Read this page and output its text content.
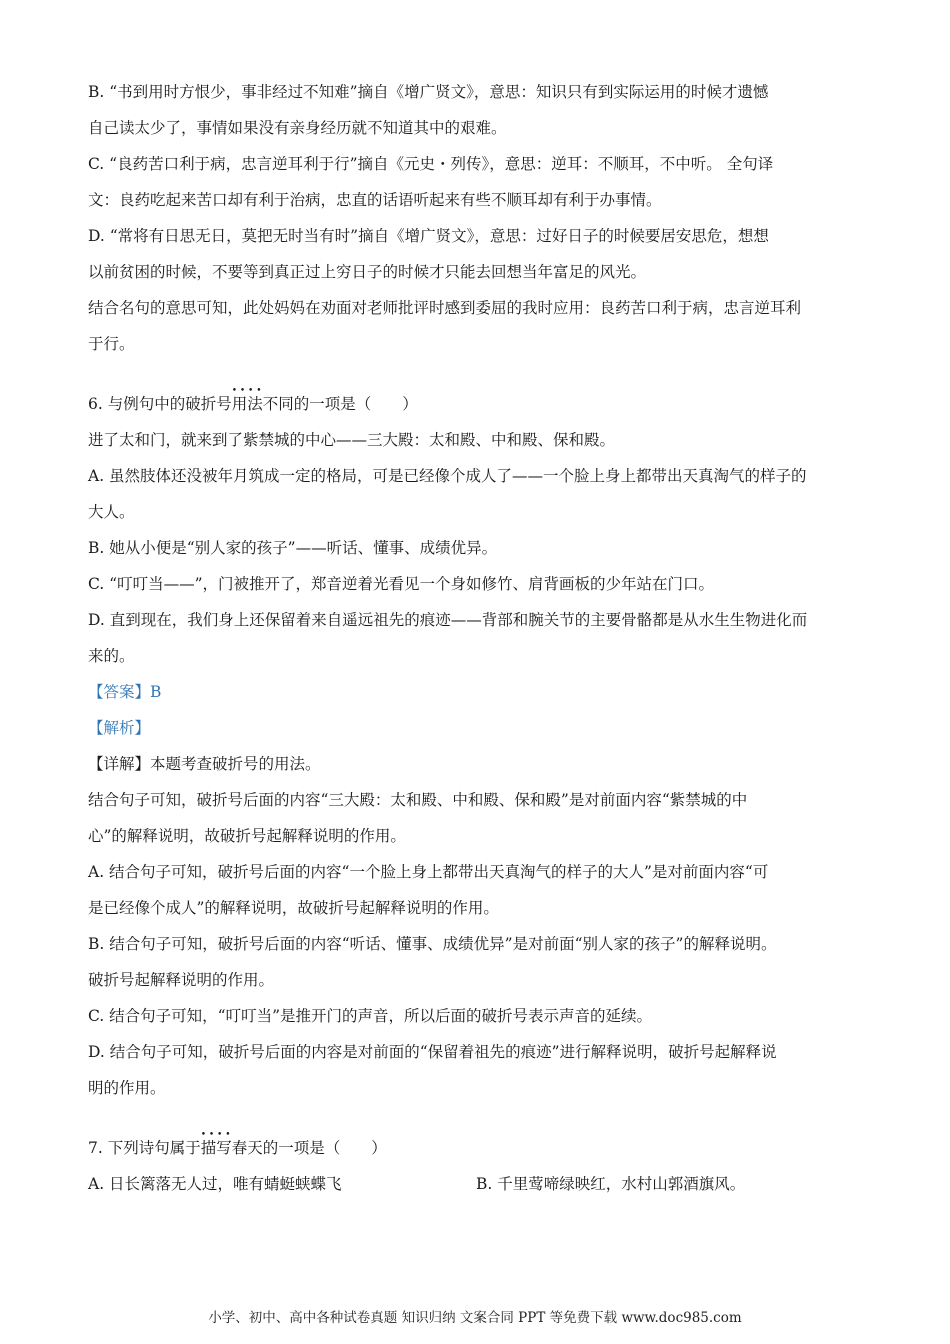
B. “书到用时方恨少，事非经过不知难”摘自《增广贤文》，意思：知识只有到实际运用的时候才遗憾

自己读太少了，事情如果没有亲身经历就不知道其中的艰难。

C. “良药苦口利于病，忠言逆耳利于行”摘自《元史・列传》，意思：逆耳：不顺耳，不中听。 全句译

文：良药吃起来苦口却有利于治病，忠直的话语听起来有些不顺耳却有利于办事情。

D. “常将有日思无日，莫把无时当有时”摘自《增广贤文》，意思：过好日子的时候要居安思危，想想

以前贫困的时候，不要等到真正过上穷日子的时候才只能去回想当年富足的风光。

结合名句的意思可知，此处妈妈在劝面对老师批评时感到委屈的我时应用：良药苦口利于病，忠言逆耳利

于行。

6. 与例句中的破折号• • • • 用法不同的一项是（　　）

进了太和门，就来到了紫禁城的中心——三大殿：太和殿、中和殿、保和殿。

A. 虽然肢体还没被年月筑成一定的格局，可是已经像个成人了——一个脸上身上都带出天真淘气的样子的

大人。

B. 她从小便是“别人家的孩子”——听话、懂事、成绩优异。

C. “叮叮当——”，门被推开了，郑音逆着光看见一个身如修竹、肩背画板的少年站在门口。

D. 直到现在，我们身上还保留着来自遥远祖先的痕迹——背部和腕关节的主要骨骼都是从水生生物进化而

来的。

【答案】B

【解析】

【详解】本题考查破折号的用法。

结合句子可知，破折号后面的内容“三大殿：太和殿、中和殿、保和殿”是对前面内容“紫禁城的中

心”的解释说明，故破折号起解释说明的作用。

A. 结合句子可知，破折号后面的内容“一个脸上身上都带出天真淘气的样子的大人”是对前面内容“可

是已经像个成人”的解释说明，故破折号起解释说明的作用。

B. 结合句子可知，破折号后面的内容“听话、懂事、成绩优异”是对前面“别人家的孩子”的解释说明。

破折号起解释说明的作用。

C. 结合句子可知，“叮叮当”是推开门的声音，所以后面的破折号表示声音的延续。

D. 结合句子可知，破折号后面的内容是对前面的“保留着祖先的痕迹”进行解释说明，破折号起解释说

明的作用。

7. 下列诗句属于• • • • 描写春天的一项是（　　）

A. 日长篱落无人过，唯有蜻蜓蛱蝶飞	B. 千里莺啼绿映红，水村山郭酒旗风。

小学、初中、高中各种试卷真题 知识归纳 文案合同 PPT 等免费下载 www.doc985.com
